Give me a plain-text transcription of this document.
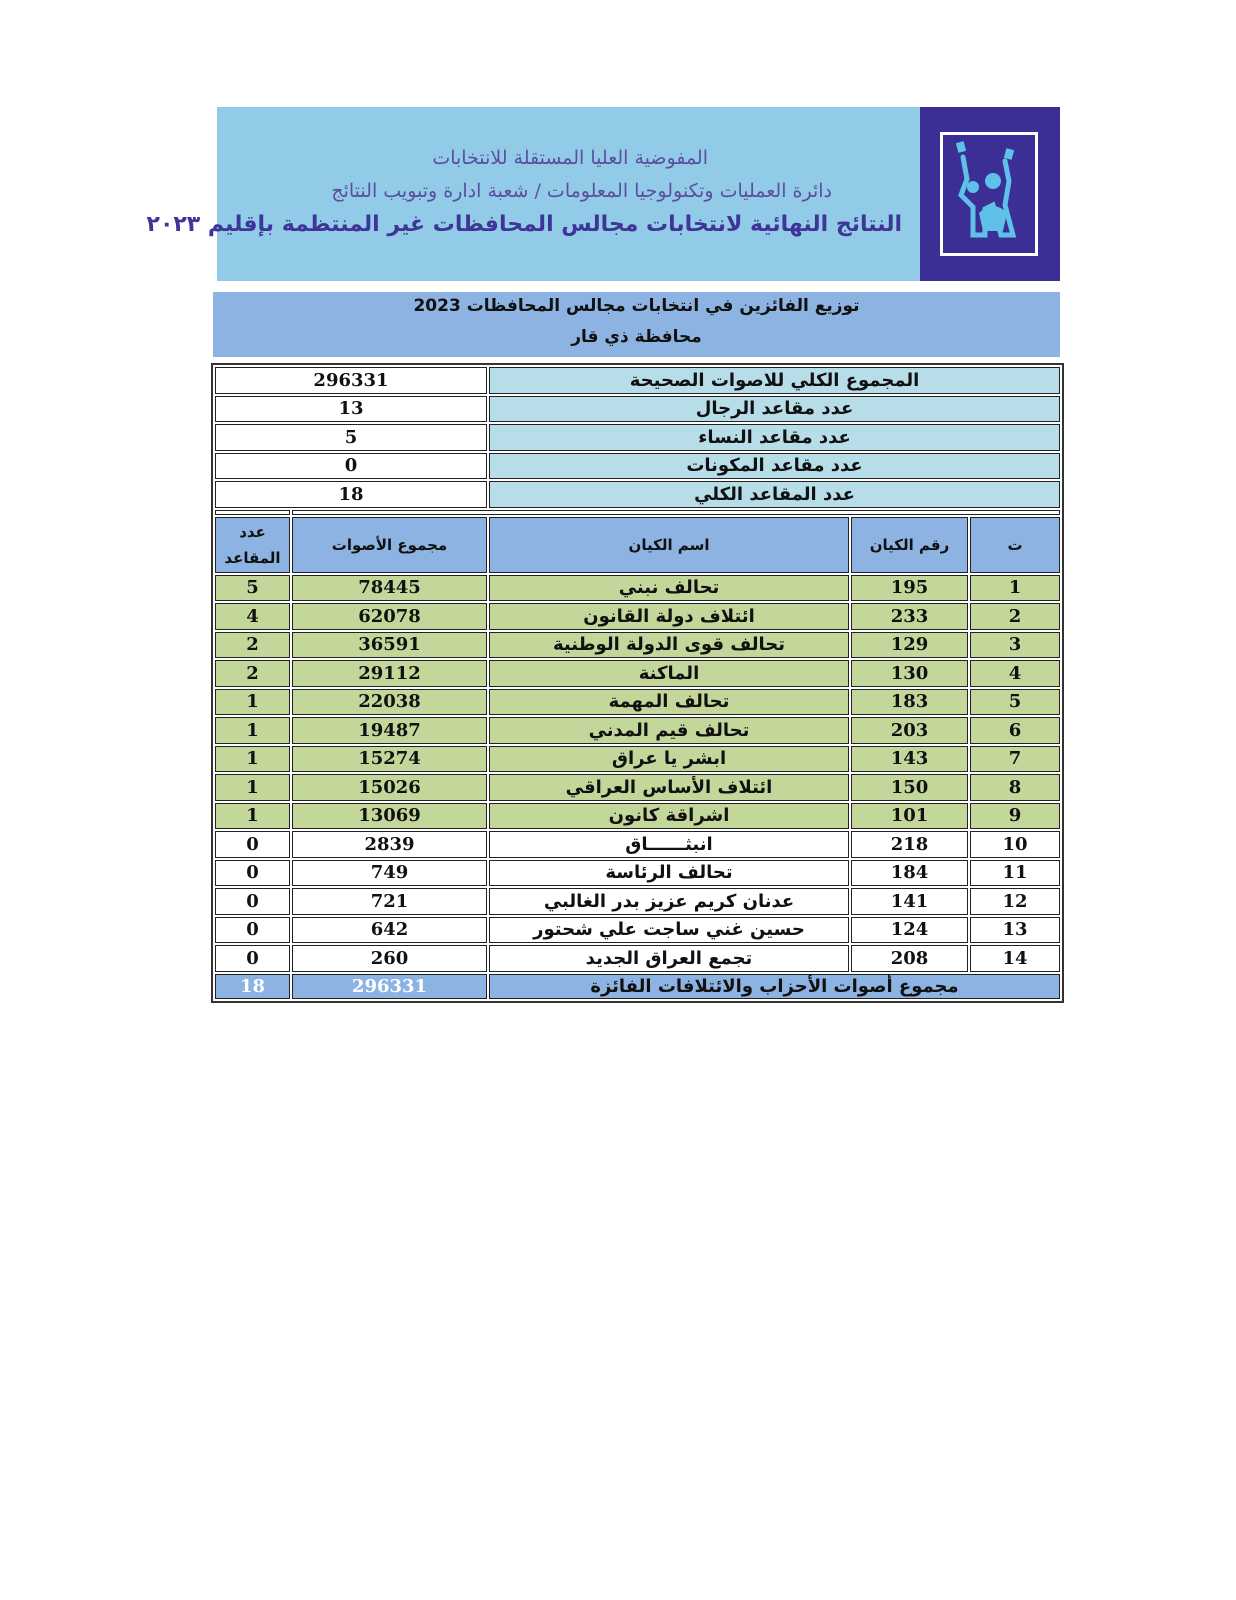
المفوضية العليا المستقلة للانتخابات
دائرة العمليات وتكنولوجيا المعلومات / شعبة ادارة وتبويب النتائج
النتائج النهائية لانتخابات مجالس المحافظات غير المنتظمة بإقليم ٢٠٢٣
توزيع الفائزين في انتخابات مجالس المحافظات 2023
محافظة ذي قار
296331		المجموع الكلي للاصوات الصحيحة		
13		عدد مقاعد الرجال		
5		عدد مقاعد النساء		
0		عدد مقاعد المكونات		
18		عدد المقاعد الكلي		

عدد المقاعد	مجموع الأصوات	اسم الكيان	رقم الكيان	ت
5	78445	تحالف نبني	195	1
4	62078	ائتلاف دولة القانون	233	2
2	36591	تحالف قوى الدولة الوطنية	129	3
2	29112	الماكنة	130	4
1	22038	تحالف المهمة	183	5
1	19487	تحالف قيم المدني	203	6
1	15274	ابشر يا عراق	143	7
1	15026	ائتلاف الأساس العراقي	150	8
1	13069	اشراقة كانون	101	9
0	2839	انبثــــــاق	218	10
0	749	تحالف الرئاسة	184	11
0	721	عدنان كريم عزيز بدر الغالبي	141	12
0	642	حسين غني ساجت علي شحتور	124	13
0	260	تجمع العراق الجديد	208	14
18	296331	مجموع أصوات الأحزاب والائتلافات الفائزة		
